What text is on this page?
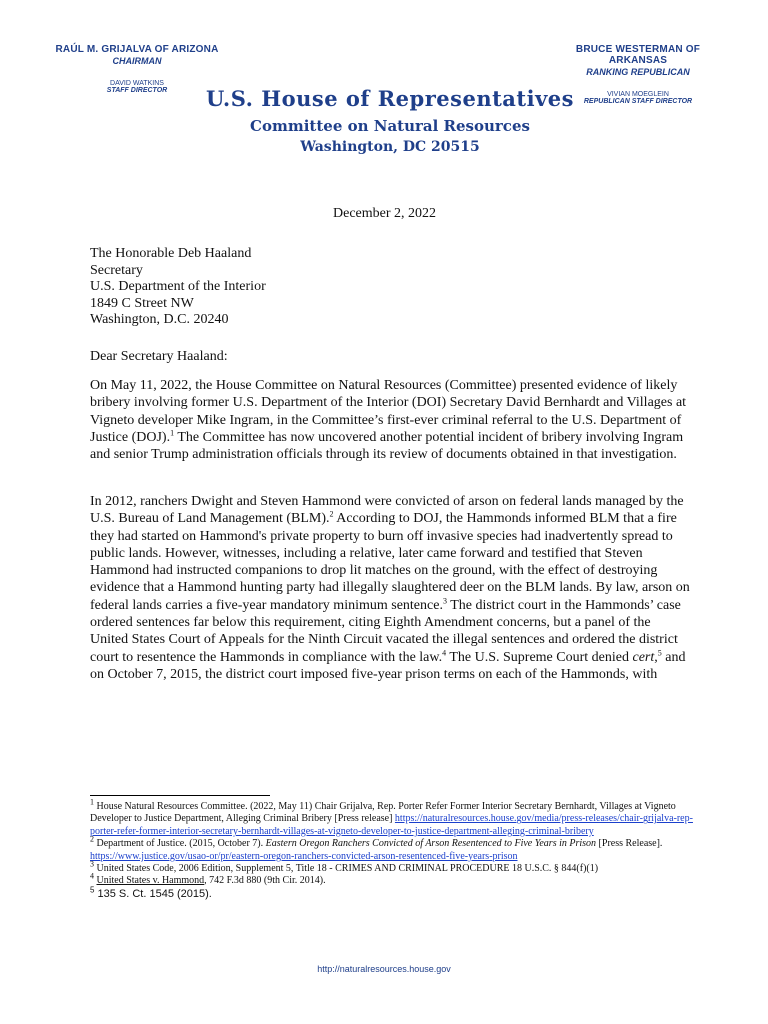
RAÚL M. GRIJALVA OF ARIZONA
CHAIRMAN
DAVID WATKINS
STAFF DIRECTOR
BRUCE WESTERMAN OF ARKANSAS
RANKING REPUBLICAN
VIVIAN MOEGLEIN
REPUBLICAN STAFF DIRECTOR
U.S. House of Representatives
Committee on Natural Resources
Washington, DC 20515
December 2, 2022
The Honorable Deb Haaland
Secretary
U.S. Department of the Interior
1849 C Street NW
Washington, D.C. 20240
Dear Secretary Haaland:
On May 11, 2022, the House Committee on Natural Resources (Committee) presented evidence of likely bribery involving former U.S. Department of the Interior (DOI) Secretary David Bernhardt and Villages at Vigneto developer Mike Ingram, in the Committee’s first-ever criminal referral to the U.S. Department of Justice (DOJ).$^1$ The Committee has now uncovered another potential incident of bribery involving Ingram and senior Trump administration officials through its review of documents obtained in that investigation.
In 2012, ranchers Dwight and Steven Hammond were convicted of arson on federal lands managed by the U.S. Bureau of Land Management (BLM).$^2$ According to DOJ, the Hammonds informed BLM that a fire they had started on Hammond's private property to burn off invasive species had inadvertently spread to public lands. However, witnesses, including a relative, later came forward and testified that Steven Hammond had instructed companions to drop lit matches on the ground, with the effect of destroying evidence that a Hammond hunting party had illegally slaughtered deer on the BLM lands. By law, arson on federal lands carries a five-year mandatory minimum sentence.$^3$ The district court in the Hammonds’ case ordered sentences far below this requirement, citing Eighth Amendment concerns, but a panel of the United States Court of Appeals for the Ninth Circuit vacated the illegal sentences and ordered the district court to resentence the Hammonds in compliance with the law.$^4$ The U.S. Supreme Court denied cert,$^5$ and on October 7, 2015, the district court imposed five-year prison terms on each of the Hammonds, with
$^1$ House Natural Resources Committee. (2022, May 11) Chair Grijalva, Rep. Porter Refer Former Interior Secretary Bernhardt, Villages at Vigneto Developer to Justice Department, Alleging Criminal Bribery [Press release] https://naturalresources.house.gov/media/press-releases/chair-grijalva-rep-porter-refer-former-interior-secretary-bernhardt-villages-at-vigneto-developer-to-justice-department-alleging-criminal-bribery
$^2$ Department of Justice. (2015, October 7). Eastern Oregon Ranchers Convicted of Arson Resentenced to Five Years in Prison [Press Release]. https://www.justice.gov/usao-or/pr/eastern-oregon-ranchers-convicted-arson-resentenced-five-years-prison
$^3$ United States Code, 2006 Edition, Supplement 5, Title 18 - CRIMES AND CRIMINAL PROCEDURE 18 U.S.C. § 844(f)(1)
$^4$ United States v. Hammond, 742 F.3d 880 (9th Cir. 2014).
$^5$ 135 S. Ct. 1545 (2015).
http://naturalresources.house.gov
